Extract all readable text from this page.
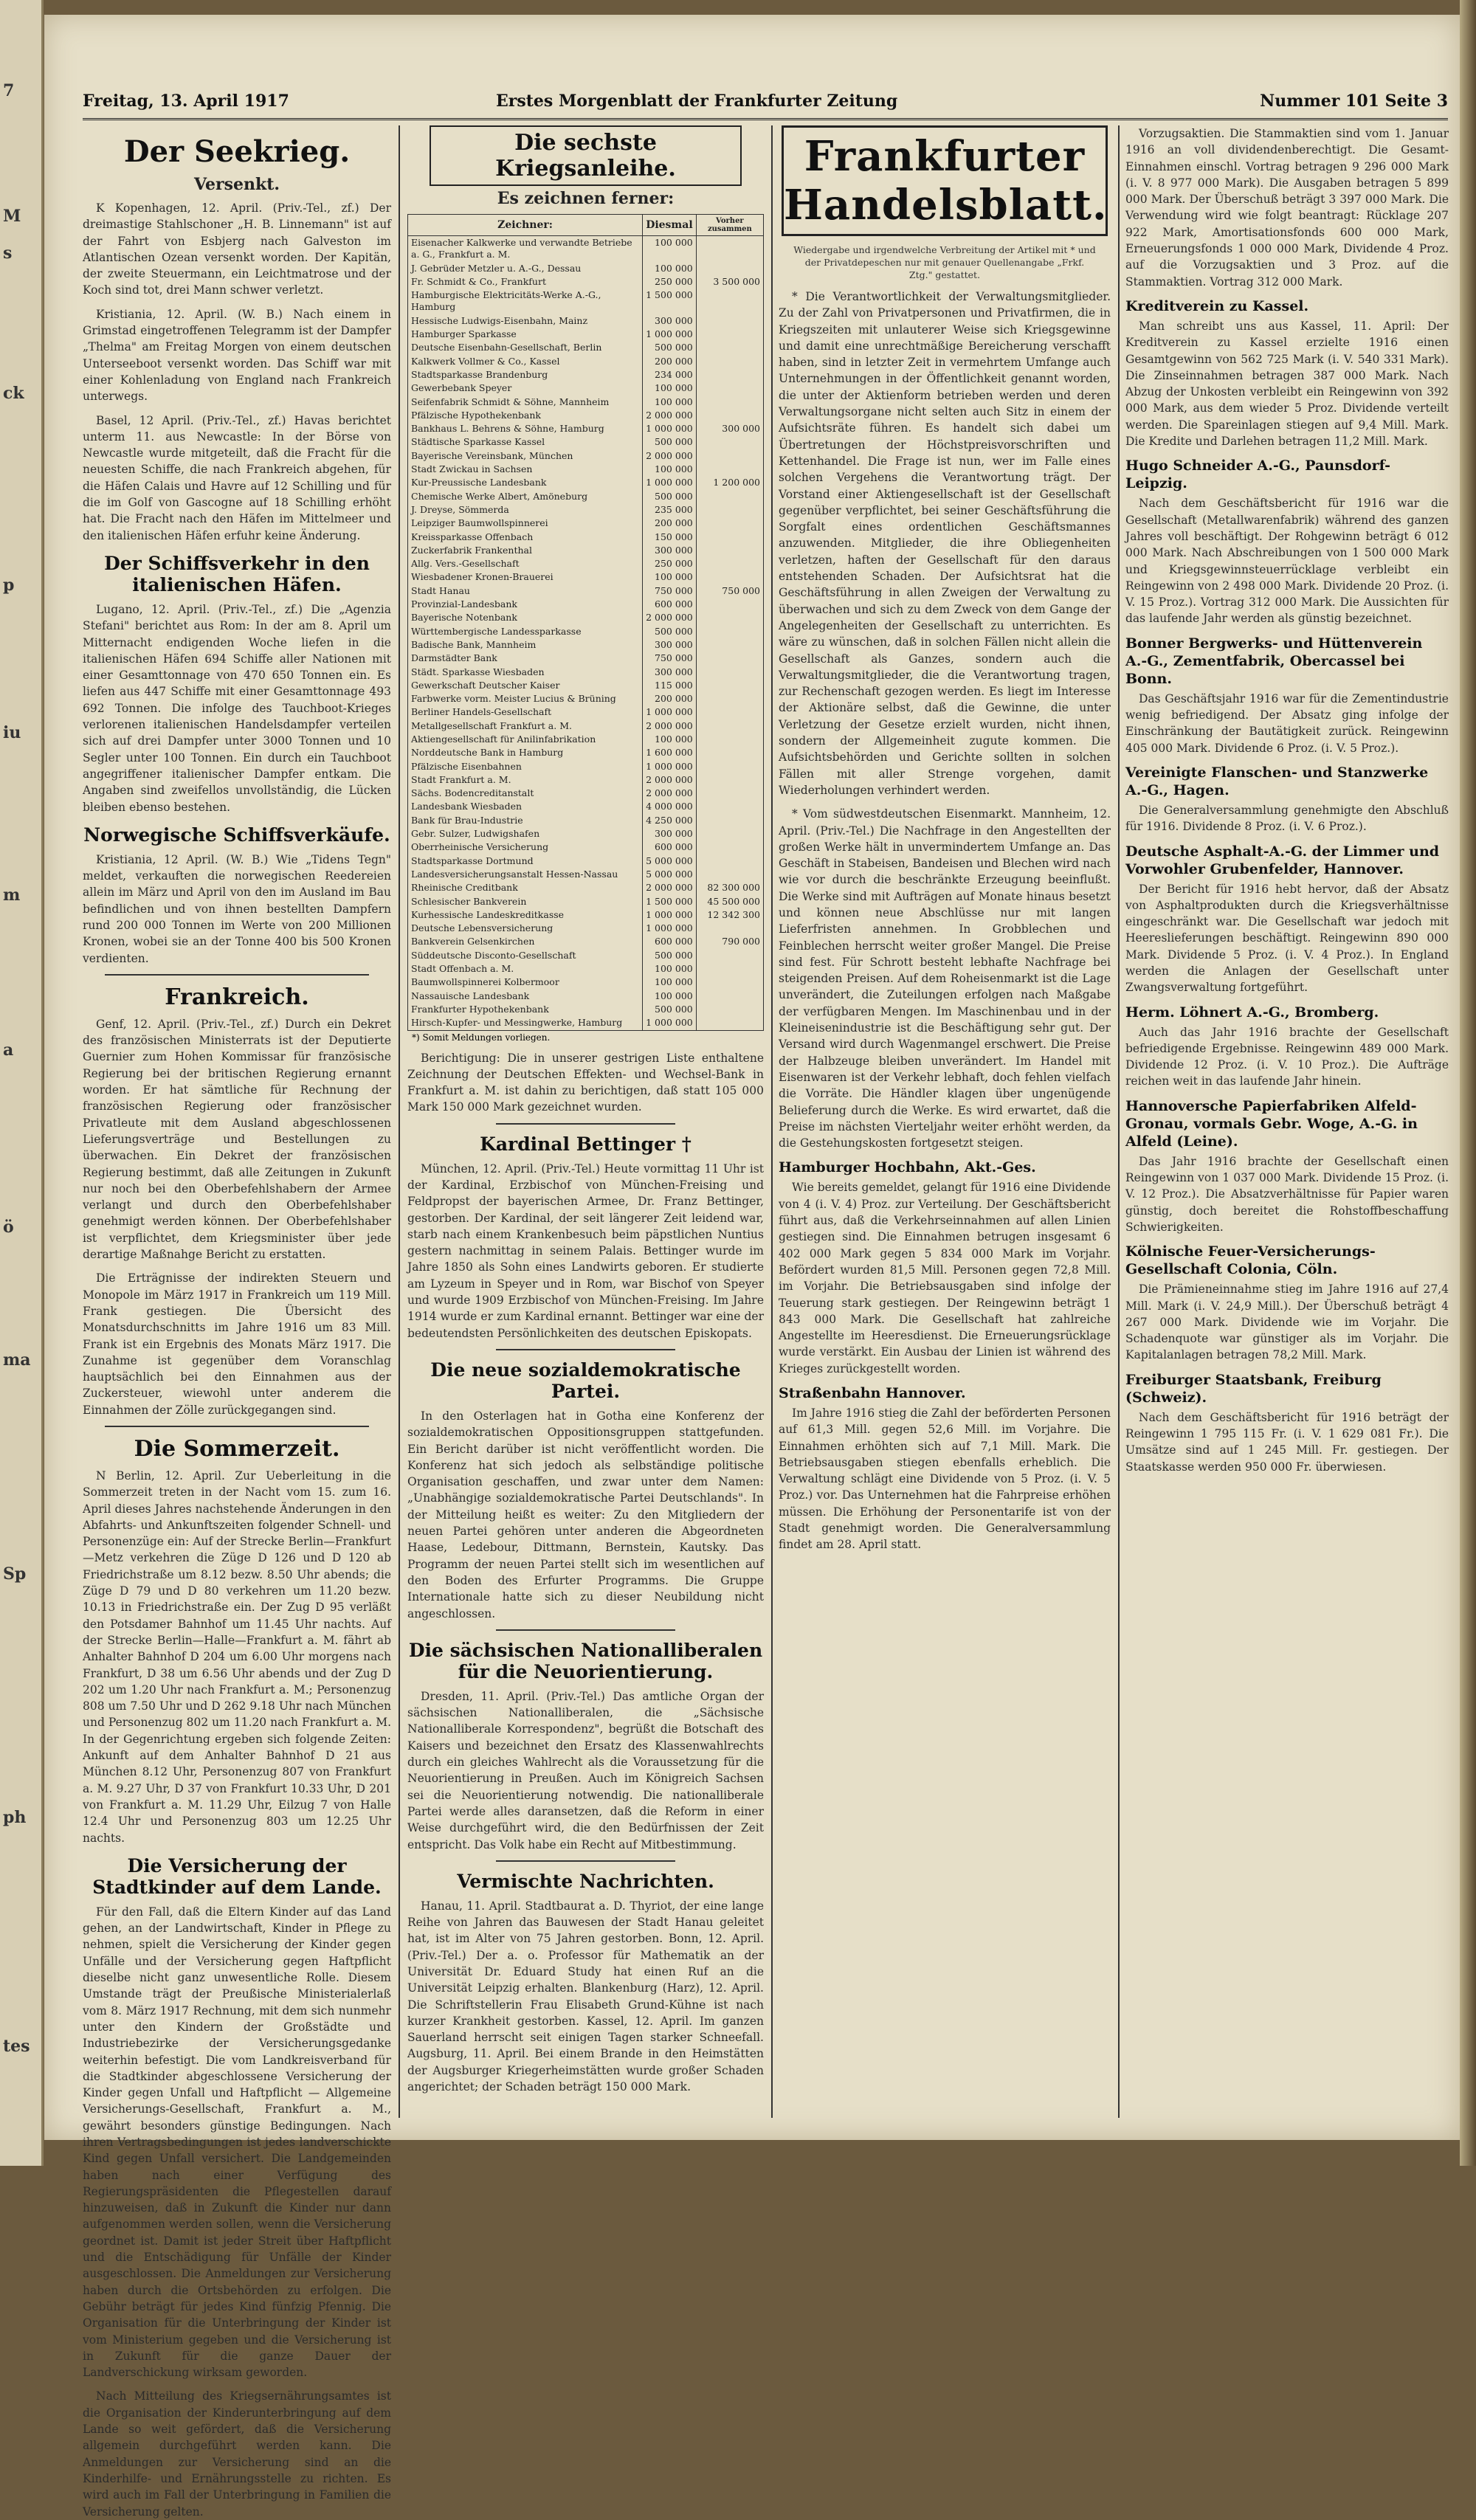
7
M
s
ck
p
iu
m
a
ö
ma
Sp
ph
tes
Freitag, 13. April 1917	Erstes Morgenblatt der Frankfurter Zeitung	Nummer 101 Seite 3
Der Seekrieg.
Versenkt.

K Kopenhagen, 12. April. (Priv.-Tel., zf.) Der dreimastige Stahlschoner „H. B. Linnemann" ist auf der Fahrt von Esbjerg nach Galveston im Atlantischen Ozean versenkt worden. Der Kapitän, der zweite Steuermann, ein Leichtmatrose und der Koch sind tot, drei Mann schwer verletzt.

Kristiania, 12. April. (W. B.) Nach einem in Grimstad eingetroffenen Telegramm ist der Dampfer „Thelma" am Freitag Morgen von einem deutschen Unterseeboot versenkt worden. Das Schiff war mit einer Kohlenladung von England nach Frankreich unterwegs.

Basel, 12 April. (Priv.-Tel., zf.) Havas berichtet unterm 11. aus Newcastle: In der Börse von Newcastle wurde mitgeteilt, daß die Fracht für die neuesten Schiffe, die nach Frankreich abgehen, für die Häfen Calais und Havre auf 12 Schilling und für die im Golf von Gascogne auf 18 Schilling erhöht hat. Die Fracht nach den Häfen im Mittelmeer und den italienischen Häfen erfuhr keine Änderung.

Der Schiffsverkehr in den italienischen Häfen.

Lugano, 12. April. (Priv.-Tel., zf.) Die „Agenzia Stefani" berichtet aus Rom: In der am 8. April um Mitternacht endigenden Woche liefen in die italienischen Häfen 694 Schiffe aller Nationen mit einer Gesamttonnage von 470 650 Tonnen ein. Es liefen aus 447 Schiffe mit einer Gesamttonnage 493 692 Tonnen. Die infolge des Tauchboot-Krieges verlorenen italienischen Handelsdampfer verteilen sich auf drei Dampfer unter 3000 Tonnen und 10 Segler unter 100 Tonnen. Ein durch ein Tauchboot angegriffener italienischer Dampfer entkam. Die Angaben sind zweifellos unvollständig, die Lücken bleiben ebenso bestehen.

Norwegische Schiffsverkäufe.

Kristiania, 12 April. (W. B.) Wie „Tidens Tegn" meldet, verkauften die norwegischen Reedereien allein im März und April von den im Ausland im Bau befindlichen und von ihnen bestellten Dampfern rund 200 000 Tonnen im Werte von 200 Millionen Kronen, wobei sie an der Tonne 400 bis 500 Kronen verdienten.

Frankreich.

Genf, 12. April. (Priv.-Tel., zf.) Durch ein Dekret des französischen Ministerrats ist der Deputierte Guernier zum Hohen Kommissar für französische Regierung bei der britischen Regierung ernannt worden. Er hat sämtliche für Rechnung der französischen Regierung oder französischer Privatleute mit dem Ausland abgeschlossenen Lieferungsverträge und Bestellungen zu überwachen. Ein Dekret der französischen Regierung bestimmt, daß alle Zeitungen in Zukunft nur noch bei den Oberbefehlshabern der Armee verlangt und durch den Oberbefehlshaber genehmigt werden können. Der Oberbefehlshaber ist verpflichtet, dem Kriegsminister über jede derartige Maßnahge Bericht zu erstatten.

Die Erträgnisse der indirekten Steuern und Monopole im März 1917 in Frankreich um 119 Mill. Frank gestiegen. Die Übersicht des Monatsdurchschnitts im Jahre 1916 um 83 Mill. Frank ist ein Ergebnis des Monats März 1917. Die Zunahme ist gegenüber dem Voranschlag hauptsächlich bei den Einnahmen aus der Zuckersteuer, wiewohl unter anderem die Einnahmen der Zölle zurückgegangen sind.

Die Sommerzeit.

N Berlin, 12. April. Zur Ueberleitung in die Sommerzeit treten in der Nacht vom 15. zum 16. April dieses Jahres nachstehende Änderungen in den Abfahrts- und Ankunftszeiten folgender Schnell- und Personenzüge ein: Auf der Strecke Berlin—Frankfurt—Metz verkehren die Züge D 126 und D 120 ab Friedrichstraße um 8.12 bezw. 8.50 Uhr abends; die Züge D 79 und D 80 verkehren um 11.20 bezw. 10.13 in Friedrichstraße ein. Der Zug D 95 verläßt den Potsdamer Bahnhof um 11.45 Uhr nachts. Auf der Strecke Berlin—Halle—Frankfurt a. M. fährt ab Anhalter Bahnhof D 204 um 6.00 Uhr morgens nach Frankfurt, D 38 um 6.56 Uhr abends und der Zug D 202 um 1.20 Uhr nach Frankfurt a. M.; Personenzug 808 um 7.50 Uhr und D 262 9.18 Uhr nach München und Personenzug 802 um 11.20 nach Frankfurt a. M. In der Gegenrichtung ergeben sich folgende Zeiten: Ankunft auf dem Anhalter Bahnhof D 21 aus München 8.12 Uhr, Personenzug 807 von Frankfurt a. M. 9.27 Uhr, D 37 von Frankfurt 10.33 Uhr, D 201 von Frankfurt a. M. 11.29 Uhr, Eilzug 7 von Halle 12.4 Uhr und Personenzug 803 um 12.25 Uhr nachts.

Die Versicherung der Stadtkinder auf dem Lande.

Für den Fall, daß die Eltern Kinder auf das Land gehen, an der Landwirtschaft, Kinder in Pflege zu nehmen, spielt die Versicherung der Kinder gegen Unfälle und der Versicherung gegen Haftpflicht dieselbe nicht ganz unwesentliche Rolle. Diesem Umstande trägt der Preußische Ministerialerlaß vom 8. März 1917 Rechnung, mit dem sich nunmehr unter den Kindern der Großstädte und Industriebezirke der Versicherungsgedanke weiterhin befestigt. Die vom Landkreisverband für die Stadtkinder abgeschlossene Versicherung der Kinder gegen Unfall und Haftpflicht — Allgemeine Versicherungs-Gesellschaft, Frankfurt a. M., gewährt besonders günstige Bedingungen. Nach ihren Vertragsbedingungen ist jedes landverschickte Kind gegen Unfall versichert. Die Landgemeinden haben nach einer Verfügung des Regierungspräsidenten die Pflegestellen darauf hinzuweisen, daß in Zukunft die Kinder nur dann aufgenommen werden sollen, wenn die Versicherung geordnet ist. Damit ist jeder Streit über Haftpflicht und die Entschädigung für Unfälle der Kinder ausgeschlossen. Die Anmeldungen zur Versicherung haben durch die Ortsbehörden zu erfolgen. Die Gebühr beträgt für jedes Kind fünfzig Pfennig. Die Organisation für die Unterbringung der Kinder ist vom Ministerium gegeben und die Versicherung ist in Zukunft für die ganze Dauer der Landverschickung wirksam geworden.

Nach Mitteilung des Kriegsernährungsamtes ist die Organisation der Kinderunterbringung auf dem Lande so weit gefördert, daß die Versicherung allgemein durchgeführt werden kann. Die Anmeldungen zur Versicherung sind an die Kinderhilfe- und Ernährungsstelle zu richten. Es wird auch im Fall der Unterbringung in Familien die Versicherung gelten.

Die sechste Kriegsanleihe.
Es zeichnen ferner:
Zeichner:	Diesmal	Vorher zusammen
Eisenacher Kalkwerke und verwandte Betriebe a. G., Frankfurt a. M.	100 000	
J. Gebrüder Metzler u. A.-G., Dessau	100 000	
Fr. Schmidt & Co., Frankfurt	250 000	3 500 000
Hamburgische Elektricitäts-Werke A.-G., Hamburg	1 500 000	
Hessische Ludwigs-Eisenbahn, Mainz	300 000	
Hamburger Sparkasse	1 000 000	
Deutsche Eisenbahn-Gesellschaft, Berlin	500 000	
Kalkwerk Vollmer & Co., Kassel	200 000	
Stadtsparkasse Brandenburg	234 000	
Gewerbebank Speyer	100 000	
Seifenfabrik Schmidt & Söhne, Mannheim	100 000	
Pfälzische Hypothekenbank	2 000 000	
Bankhaus L. Behrens & Söhne, Hamburg	1 000 000	300 000
Städtische Sparkasse Kassel	500 000	
Bayerische Vereinsbank, München	2 000 000	
Stadt Zwickau in Sachsen	100 000	
Kur-Preussische Landesbank	1 000 000	1 200 000
Chemische Werke Albert, Amöneburg	500 000	
J. Dreyse, Sömmerda	235 000	
Leipziger Baumwollspinnerei	200 000	
Kreissparkasse Offenbach	150 000	
Zuckerfabrik Frankenthal	300 000	
Allg. Vers.-Gesellschaft	250 000	
Wiesbadener Kronen-Brauerei	100 000	
Stadt Hanau	750 000	750 000
Provinzial-Landesbank	600 000	
Bayerische Notenbank	2 000 000	
Württembergische Landessparkasse	500 000	
Badische Bank, Mannheim	300 000	
Darmstädter Bank	750 000	
Städt. Sparkasse Wiesbaden	300 000	
Gewerkschaft Deutscher Kaiser	115 000	
Farbwerke vorm. Meister Lucius & Brüning	200 000	
Berliner Handels-Gesellschaft	1 000 000	
Metallgesellschaft Frankfurt a. M.	2 000 000	
Aktiengesellschaft für Anilinfabrikation	100 000	
Norddeutsche Bank in Hamburg	1 600 000	
Pfälzische Eisenbahnen	1 000 000	
Stadt Frankfurt a. M.	2 000 000	
Sächs. Bodencreditanstalt	2 000 000	
Landesbank Wiesbaden	4 000 000	
Bank für Brau-Industrie	4 250 000	
Gebr. Sulzer, Ludwigshafen	300 000	
Oberrheinische Versicherung	600 000	
Stadtsparkasse Dortmund	5 000 000	
Landesversicherungsanstalt Hessen-Nassau	5 000 000	
Rheinische Creditbank	2 000 000	82 300 000
Schlesischer Bankverein	1 500 000	45 500 000
Kurhessische Landeskreditkasse	1 000 000	12 342 300
Deutsche Lebensversicherung	1 000 000	
Bankverein Gelsenkirchen	600 000	790 000
Süddeutsche Disconto-Gesellschaft	500 000	
Stadt Offenbach a. M.	100 000	
Baumwollspinnerei Kolbermoor	100 000	
Nassauische Landesbank	100 000	
Frankfurter Hypothekenbank	500 000	
Hirsch-Kupfer- und Messingwerke, Hamburg	1 000 000	
*) Somit Meldungen vorliegen.

Berichtigung: Die in unserer gestrigen Liste enthaltene Zeichnung der Deutschen Effekten- und Wechsel-Bank in Frankfurt a. M. ist dahin zu berichtigen, daß statt 105 000 Mark 150 000 Mark gezeichnet wurden.

Kardinal Bettinger †

München, 12. April. (Priv.-Tel.) Heute vormittag 11 Uhr ist der Kardinal, Erzbischof von München-Freising und Feldpropst der bayerischen Armee, Dr. Franz Bettinger, gestorben. Der Kardinal, der seit längerer Zeit leidend war, starb nach einem Krankenbesuch beim päpstlichen Nuntius gestern nachmittag in seinem Palais. Bettinger wurde im Jahre 1850 als Sohn eines Landwirts geboren. Er studierte am Lyzeum in Speyer und in Rom, war Bischof von Speyer und wurde 1909 Erzbischof von München-Freising. Im Jahre 1914 wurde er zum Kardinal ernannt. Bettinger war eine der bedeutendsten Persönlichkeiten des deutschen Episkopats.

Die neue sozialdemokratische Partei.

In den Osterlagen hat in Gotha eine Konferenz der sozialdemokratischen Oppositionsgruppen stattgefunden. Ein Bericht darüber ist nicht veröffentlicht worden. Die Konferenz hat sich jedoch als selbständige politische Organisation geschaffen, und zwar unter dem Namen: „Unabhängige sozialdemokratische Partei Deutschlands". In der Mitteilung heißt es weiter: Zu den Mitgliedern der neuen Partei gehören unter anderen die Abgeordneten Haase, Ledebour, Dittmann, Bernstein, Kautsky. Das Programm der neuen Partei stellt sich im wesentlichen auf den Boden des Erfurter Programms. Die Gruppe Internationale hatte sich zu dieser Neubildung nicht angeschlossen.

Die sächsischen Nationalliberalen für die Neuorientierung.

Dresden, 11. April. (Priv.-Tel.) Das amtliche Organ der sächsischen Nationalliberalen, die „Sächsische Nationalliberale Korrespondenz", begrüßt die Botschaft des Kaisers und bezeichnet den Ersatz des Klassenwahlrechts durch ein gleiches Wahlrecht als die Voraussetzung für die Neuorientierung in Preußen. Auch im Königreich Sachsen sei die Neuorientierung notwendig. Die nationalliberale Partei werde alles daransetzen, daß die Reform in einer Weise durchgeführt wird, die den Bedürfnissen der Zeit entspricht. Das Volk habe ein Recht auf Mitbestimmung.

Vermischte Nachrichten.

Hanau, 11. April. Stadtbaurat a. D. Thyriot, der eine lange Reihe von Jahren das Bauwesen der Stadt Hanau geleitet hat, ist im Alter von 75 Jahren gestorben. Bonn, 12. April. (Priv.-Tel.) Der a. o. Professor für Mathematik an der Universität Dr. Eduard Study hat einen Ruf an die Universität Leipzig erhalten. Blankenburg (Harz), 12. April. Die Schriftstellerin Frau Elisabeth Grund-Kühne ist nach kurzer Krankheit gestorben. Kassel, 12. April. Im ganzen Sauerland herrscht seit einigen Tagen starker Schneefall. Augsburg, 11. April. Bei einem Brande in den Heimstätten der Augsburger Kriegerheimstätten wurde großer Schaden angerichtet; der Schaden beträgt 150 000 Mark.

Frankfurter Handelsblatt.
Wiedergabe und irgendwelche Verbreitung der Artikel mit * und der Privatdepeschen nur mit genauer Quellenangabe „Frkf. Ztg." gestattet.

* Die Verantwortlichkeit der Verwaltungsmitglieder. Zu der Zahl von Privatpersonen und Privatfirmen, die in Kriegszeiten mit unlauterer Weise sich Kriegsgewinne und damit eine unrechtmäßige Bereicherung verschafft haben, sind in letzter Zeit in vermehrtem Umfange auch Unternehmungen in der Öffentlichkeit genannt worden, die unter der Aktienform betrieben werden und deren Verwaltungsorgane nicht selten auch Sitz in einem der Aufsichtsräte führen. Es handelt sich dabei um Übertretungen der Höchstpreisvorschriften und Kettenhandel. Die Frage ist nun, wer im Falle eines solchen Vergehens die Verantwortung trägt. Der Vorstand einer Aktiengesellschaft ist der Gesellschaft gegenüber verpflichtet, bei seiner Geschäftsführung die Sorgfalt eines ordentlichen Geschäftsmannes anzuwenden. Mitglieder, die ihre Obliegenheiten verletzen, haften der Gesellschaft für den daraus entstehenden Schaden. Der Aufsichtsrat hat die Geschäftsführung in allen Zweigen der Verwaltung zu überwachen und sich zu dem Zweck von dem Gange der Angelegenheiten der Gesellschaft zu unterrichten. Es wäre zu wünschen, daß in solchen Fällen nicht allein die Gesellschaft als Ganzes, sondern auch die Verwaltungsmitglieder, die die Verantwortung tragen, zur Rechenschaft gezogen werden. Es liegt im Interesse der Aktionäre selbst, daß die Gewinne, die unter Verletzung der Gesetze erzielt wurden, nicht ihnen, sondern der Allgemeinheit zugute kommen. Die Aufsichtsbehörden und Gerichte sollten in solchen Fällen mit aller Strenge vorgehen, damit Wiederholungen verhindert werden.

* Vom südwestdeutschen Eisenmarkt. Mannheim, 12. April. (Priv.-Tel.) Die Nachfrage in den Angestellten der großen Werke hält in unvermindertem Umfange an. Das Geschäft in Stabeisen, Bandeisen und Blechen wird nach wie vor durch die beschränkte Erzeugung beeinflußt. Die Werke sind mit Aufträgen auf Monate hinaus besetzt und können neue Abschlüsse nur mit langen Lieferfristen annehmen. In Grobblechen und Feinblechen herrscht weiter großer Mangel. Die Preise sind fest. Für Schrott besteht lebhafte Nachfrage bei steigenden Preisen. Auf dem Roheisenmarkt ist die Lage unverändert, die Zuteilungen erfolgen nach Maßgabe der verfügbaren Mengen. Im Maschinenbau und in der Kleineisenindustrie ist die Beschäftigung sehr gut. Der Versand wird durch Wagenmangel erschwert. Die Preise der Halbzeuge bleiben unverändert. Im Handel mit Eisenwaren ist der Verkehr lebhaft, doch fehlen vielfach die Vorräte. Die Händler klagen über ungenügende Belieferung durch die Werke. Es wird erwartet, daß die Preise im nächsten Vierteljahr weiter erhöht werden, da die Gestehungskosten fortgesetzt steigen.

Hamburger Hochbahn, Akt.-Ges.

Wie bereits gemeldet, gelangt für 1916 eine Dividende von 4 (i. V. 4) Proz. zur Verteilung. Der Geschäftsbericht führt aus, daß die Verkehrseinnahmen auf allen Linien gestiegen sind. Die Einnahmen betrugen insgesamt 6 402 000 Mark gegen 5 834 000 Mark im Vorjahr. Befördert wurden 81,5 Mill. Personen gegen 72,8 Mill. im Vorjahr. Die Betriebsausgaben sind infolge der Teuerung stark gestiegen. Der Reingewinn beträgt 1 843 000 Mark. Die Gesellschaft hat zahlreiche Angestellte im Heeresdienst. Die Erneuerungsrücklage wurde verstärkt. Ein Ausbau der Linien ist während des Krieges zurückgestellt worden.

Straßenbahn Hannover.

Im Jahre 1916 stieg die Zahl der beförderten Personen auf 61,3 Mill. gegen 52,6 Mill. im Vorjahre. Die Einnahmen erhöhten sich auf 7,1 Mill. Mark. Die Betriebsausgaben stiegen ebenfalls erheblich. Die Verwaltung schlägt eine Dividende von 5 Proz. (i. V. 5 Proz.) vor. Das Unternehmen hat die Fahrpreise erhöhen müssen. Die Erhöhung der Personentarife ist von der Stadt genehmigt worden. Die Generalversammlung findet am 28. April statt.

Vorzugsaktien. Die Stammaktien sind vom 1. Januar 1916 an voll dividendenberechtigt. Die Gesamt-Einnahmen einschl. Vortrag betragen 9 296 000 Mark (i. V. 8 977 000 Mark). Die Ausgaben betragen 5 899 000 Mark. Der Überschuß beträgt 3 397 000 Mark. Die Verwendung wird wie folgt beantragt: Rücklage 207 922 Mark, Amortisationsfonds 600 000 Mark, Erneuerungsfonds 1 000 000 Mark, Dividende 4 Proz. auf die Vorzugsaktien und 3 Proz. auf die Stammaktien. Vortrag 312 000 Mark.

Kreditverein zu Kassel.

Man schreibt uns aus Kassel, 11. April: Der Kreditverein zu Kassel erzielte 1916 einen Gesamtgewinn von 562 725 Mark (i. V. 540 331 Mark). Die Zinseinnahmen betragen 387 000 Mark. Nach Abzug der Unkosten verbleibt ein Reingewinn von 392 000 Mark, aus dem wieder 5 Proz. Dividende verteilt werden. Die Spareinlagen stiegen auf 9,4 Mill. Mark. Die Kredite und Darlehen betragen 11,2 Mill. Mark.

Hugo Schneider A.-G., Paunsdorf-Leipzig.

Nach dem Geschäftsbericht für 1916 war die Gesellschaft (Metallwarenfabrik) während des ganzen Jahres voll beschäftigt. Der Rohgewinn beträgt 6 012 000 Mark. Nach Abschreibungen von 1 500 000 Mark und Kriegsgewinnsteuerrücklage verbleibt ein Reingewinn von 2 498 000 Mark. Dividende 20 Proz. (i. V. 15 Proz.). Vortrag 312 000 Mark. Die Aussichten für das laufende Jahr werden als günstig bezeichnet.

Bonner Bergwerks- und Hüttenverein A.-G., Zementfabrik, Obercassel bei Bonn.

Das Geschäftsjahr 1916 war für die Zementindustrie wenig befriedigend. Der Absatz ging infolge der Einschränkung der Bautätigkeit zurück. Reingewinn 405 000 Mark. Dividende 6 Proz. (i. V. 5 Proz.).

Vereinigte Flanschen- und Stanzwerke A.-G., Hagen.

Die Generalversammlung genehmigte den Abschluß für 1916. Dividende 8 Proz. (i. V. 6 Proz.).

Deutsche Asphalt-A.-G. der Limmer und Vorwohler Grubenfelder, Hannover.

Der Bericht für 1916 hebt hervor, daß der Absatz von Asphaltprodukten durch die Kriegsverhältnisse eingeschränkt war. Die Gesellschaft war jedoch mit Heereslieferungen beschäftigt. Reingewinn 890 000 Mark. Dividende 5 Proz. (i. V. 4 Proz.). In England werden die Anlagen der Gesellschaft unter Zwangsverwaltung fortgeführt.

Herm. Löhnert A.-G., Bromberg.

Auch das Jahr 1916 brachte der Gesellschaft befriedigende Ergebnisse. Reingewinn 489 000 Mark. Dividende 12 Proz. (i. V. 10 Proz.). Die Aufträge reichen weit in das laufende Jahr hinein.

Hannoversche Papierfabriken Alfeld-Gronau, vormals Gebr. Woge, A.-G. in Alfeld (Leine).

Das Jahr 1916 brachte der Gesellschaft einen Reingewinn von 1 037 000 Mark. Dividende 15 Proz. (i. V. 12 Proz.). Die Absatzverhältnisse für Papier waren günstig, doch bereitet die Rohstoffbeschaffung Schwierigkeiten.

Kölnische Feuer-Versicherungs-Gesellschaft Colonia, Cöln.

Die Prämieneinnahme stieg im Jahre 1916 auf 27,4 Mill. Mark (i. V. 24,9 Mill.). Der Überschuß beträgt 4 267 000 Mark. Dividende wie im Vorjahr. Die Schadenquote war günstiger als im Vorjahr. Die Kapitalanlagen betragen 78,2 Mill. Mark.

Freiburger Staatsbank, Freiburg (Schweiz).

Nach dem Geschäftsbericht für 1916 beträgt der Reingewinn 1 795 115 Fr. (i. V. 1 629 081 Fr.). Die Umsätze sind auf 1 245 Mill. Fr. gestiegen. Der Staatskasse werden 950 000 Fr. überwiesen.
